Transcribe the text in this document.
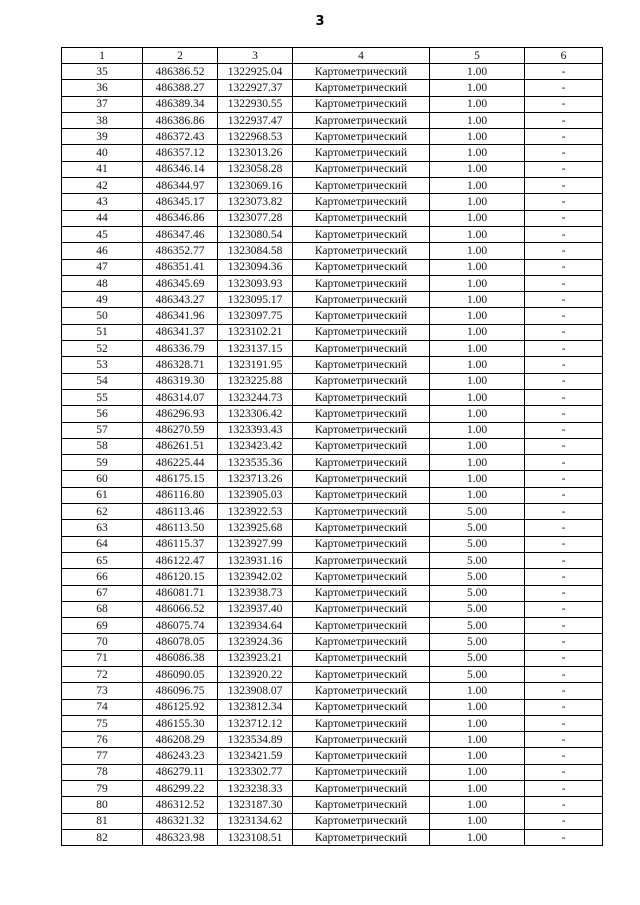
3
1	2	3	4	5	6
35	486386.52	1322925.04	Картометрический	1.00	-
36	486388.27	1322927.37	Картометрический	1.00	-
37	486389.34	1322930.55	Картометрический	1.00	-
38	486386.86	1322937.47	Картометрический	1.00	-
39	486372.43	1322968.53	Картометрический	1.00	-
40	486357.12	1323013.26	Картометрический	1.00	-
41	486346.14	1323058.28	Картометрический	1.00	-
42	486344.97	1323069.16	Картометрический	1.00	-
43	486345.17	1323073.82	Картометрический	1.00	-
44	486346.86	1323077.28	Картометрический	1.00	-
45	486347.46	1323080.54	Картометрический	1.00	-
46	486352.77	1323084.58	Картометрический	1.00	-
47	486351.41	1323094.36	Картометрический	1.00	-
48	486345.69	1323093.93	Картометрический	1.00	-
49	486343.27	1323095.17	Картометрический	1.00	-
50	486341.96	1323097.75	Картометрический	1.00	-
51	486341.37	1323102.21	Картометрический	1.00	-
52	486336.79	1323137.15	Картометрический	1.00	-
53	486328.71	1323191.95	Картометрический	1.00	-
54	486319.30	1323225.88	Картометрический	1.00	-
55	486314.07	1323244.73	Картометрический	1.00	-
56	486296.93	1323306.42	Картометрический	1.00	-
57	486270.59	1323393.43	Картометрический	1.00	-
58	486261.51	1323423.42	Картометрический	1.00	-
59	486225.44	1323535.36	Картометрический	1.00	-
60	486175.15	1323713.26	Картометрический	1.00	-
61	486116.80	1323905.03	Картометрический	1.00	-
62	486113.46	1323922.53	Картометрический	5.00	-
63	486113.50	1323925.68	Картометрический	5.00	-
64	486115.37	1323927.99	Картометрический	5.00	-
65	486122.47	1323931.16	Картометрический	5.00	-
66	486120.15	1323942.02	Картометрический	5.00	-
67	486081.71	1323938.73	Картометрический	5.00	-
68	486066.52	1323937.40	Картометрический	5.00	-
69	486075.74	1323934.64	Картометрический	5.00	-
70	486078.05	1323924.36	Картометрический	5.00	-
71	486086.38	1323923.21	Картометрический	5.00	-
72	486090.05	1323920.22	Картометрический	5.00	-
73	486096.75	1323908.07	Картометрический	1.00	-
74	486125.92	1323812.34	Картометрический	1.00	-
75	486155.30	1323712.12	Картометрический	1.00	-
76	486208.29	1323534.89	Картометрический	1.00	-
77	486243.23	1323421.59	Картометрический	1.00	-
78	486279.11	1323302.77	Картометрический	1.00	-
79	486299.22	1323238.33	Картометрический	1.00	-
80	486312.52	1323187.30	Картометрический	1.00	-
81	486321.32	1323134.62	Картометрический	1.00	-
82	486323.98	1323108.51	Картометрический	1.00	-
